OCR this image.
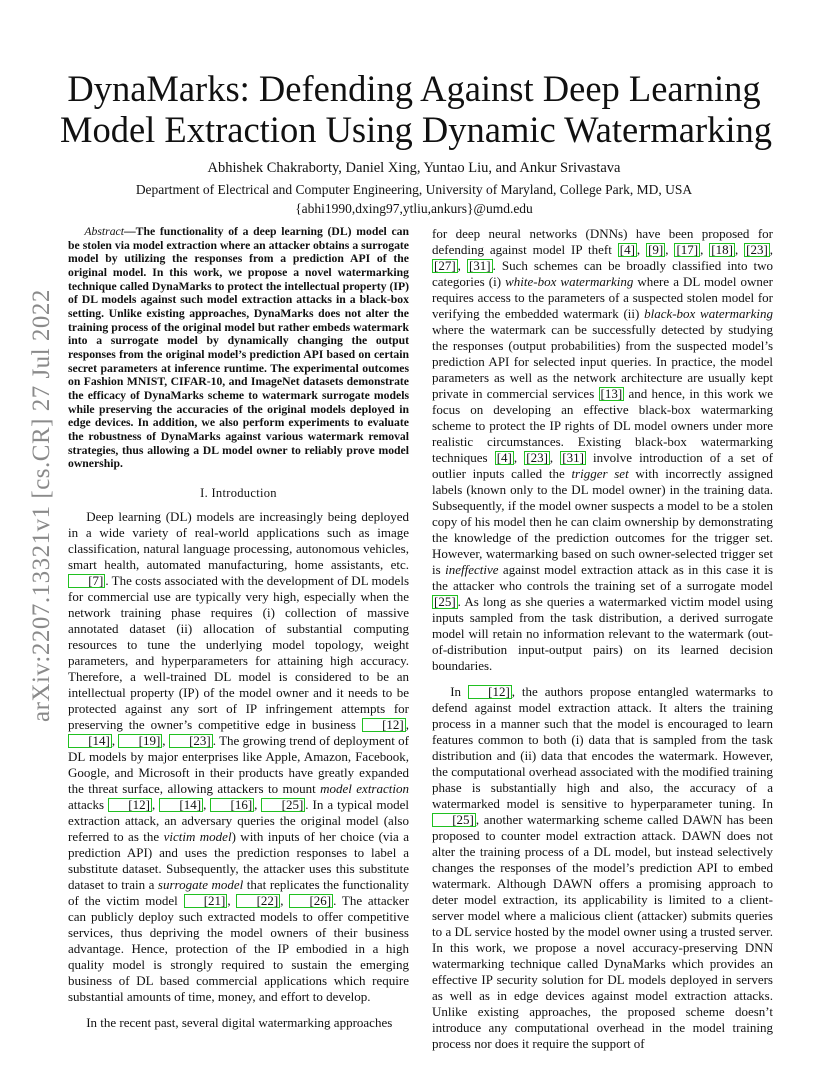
arXiv:2207.13321v1 [cs.CR] 27 Jul 2022
DynaMarks: Defending Against Deep Learning
Model Extraction Using Dynamic Watermarking
Abhishek Chakraborty, Daniel Xing, Yuntao Liu, and Ankur Srivastava
Department of Electrical and Computer Engineering, University of Maryland, College Park, MD, USA
{abhi1990,dxing97,ytliu,ankurs}@umd.edu

Abstract—The functionality of a deep learning (DL) model can be stolen via model extraction where an attacker obtains a surrogate model by utilizing the responses from a prediction API of the original model. In this work, we propose a novel watermarking technique called DynaMarks to protect the intellectual property (IP) of DL models against such model extraction attacks in a black-box setting. Unlike existing approaches, DynaMarks does not alter the training process of the original model but rather embeds watermark into a surrogate model by dynamically changing the output responses from the original model’s prediction API based on certain secret parameters at inference runtime. The experimental outcomes on Fashion MNIST, CIFAR-10, and ImageNet datasets demonstrate the efficacy of DynaMarks scheme to watermark surrogate models while preserving the accuracies of the original models deployed in edge devices. In addition, we also perform experiments to evaluate the robustness of DynaMarks against various watermark removal strategies, thus allowing a DL model owner to reliably prove model ownership.

I. Introduction

Deep learning (DL) models are increasingly being deployed in a wide variety of real-world applications such as image classification, natural language processing, autonomous vehicles, smart health, automated manufacturing, home assistants, etc. [7] . The costs associated with the development of DL models for commercial use are typically very high, especially when the network training phase requires (i) collection of massive annotated dataset (ii) allocation of substantial computing resources to tune the underlying model topology, weight parameters, and hyperparameters for attaining high accuracy. Therefore, a well-trained DL model is considered to be an intellectual property (IP) of the model owner and it needs to be protected against any sort of IP infringement attempts for preserving the owner’s competitive edge in business [12] , [14] , [19] , [23] . The growing trend of deployment of DL models by major enterprises like Apple, Amazon, Facebook, Google, and Microsoft in their products have greatly expanded the threat surface, allowing attackers to mount model extraction attacks [12] , [14] , [16] , [25] . In a typical model extraction attack, an adversary queries the original model (also referred to as the victim model) with inputs of her choice (via a prediction API) and uses the prediction responses to label a substitute dataset. Subsequently, the attacker uses this substitute dataset to train a surrogate model that replicates the functionality of the victim model [21] , [22] , [26] . The attacker can publicly deploy such extracted models to offer competitive services, thus depriving the model owners of their business advantage. Hence, protection of the IP embodied in a high quality model is strongly required to sustain the emerging business of DL based commercial applications which require substantial amounts of time, money, and effort to develop.

In the recent past, several digital watermarking approaches

for deep neural networks (DNNs) have been proposed for defending against model IP theft [4] , [9] , [17] , [18] , [23] , [27] , [31] . Such schemes can be broadly classified into two categories (i) white-box watermarking where a DL model owner requires access to the parameters of a suspected stolen model for verifying the embedded watermark (ii) black-box watermarking where the watermark can be successfully detected by studying the responses (output probabilities) from the suspected model’s prediction API for selected input queries. In practice, the model parameters as well as the network architecture are usually kept private in commercial services [13] and hence, in this work we focus on developing an effective black-box watermarking scheme to protect the IP rights of DL model owners under more realistic circumstances. Existing black-box watermarking techniques [4] , [23] , [31] involve introduction of a set of outlier inputs called the trigger set with incorrectly assigned labels (known only to the DL model owner) in the training data. Subsequently, if the model owner suspects a model to be a stolen copy of his model then he can claim ownership by demonstrating the knowledge of the prediction outcomes for the trigger set. However, watermarking based on such owner-selected trigger set is ineffective against model extraction attack as in this case it is the attacker who controls the training set of a surrogate model [25] . As long as she queries a watermarked victim model using inputs sampled from the task distribution, a derived surrogate model will retain no information relevant to the watermark (out-of-distribution input-output pairs) on its learned decision boundaries.

In [12] , the authors propose entangled watermarks to defend against model extraction attack. It alters the training process in a manner such that the model is encouraged to learn features common to both (i) data that is sampled from the task distribution and (ii) data that encodes the watermark. However, the computational overhead associated with the modified training phase is substantially high and also, the accuracy of a watermarked model is sensitive to hyperparameter tuning. In [25] , another watermarking scheme called DAWN has been proposed to counter model extraction attack. DAWN does not alter the training process of a DL model, but instead selectively changes the responses of the model’s prediction API to embed watermark. Although DAWN offers a promising approach to deter model extraction, its applicability is limited to a client-server model where a malicious client (attacker) submits queries to a DL service hosted by the model owner using a trusted server. In this work, we propose a novel accuracy-preserving DNN watermarking technique called DynaMarks which provides an effective IP security solution for DL models deployed in servers as well as in edge devices against model extraction attacks. Unlike existing approaches, the proposed scheme doesn’t introduce any computational overhead in the model training process nor does it require the support of
